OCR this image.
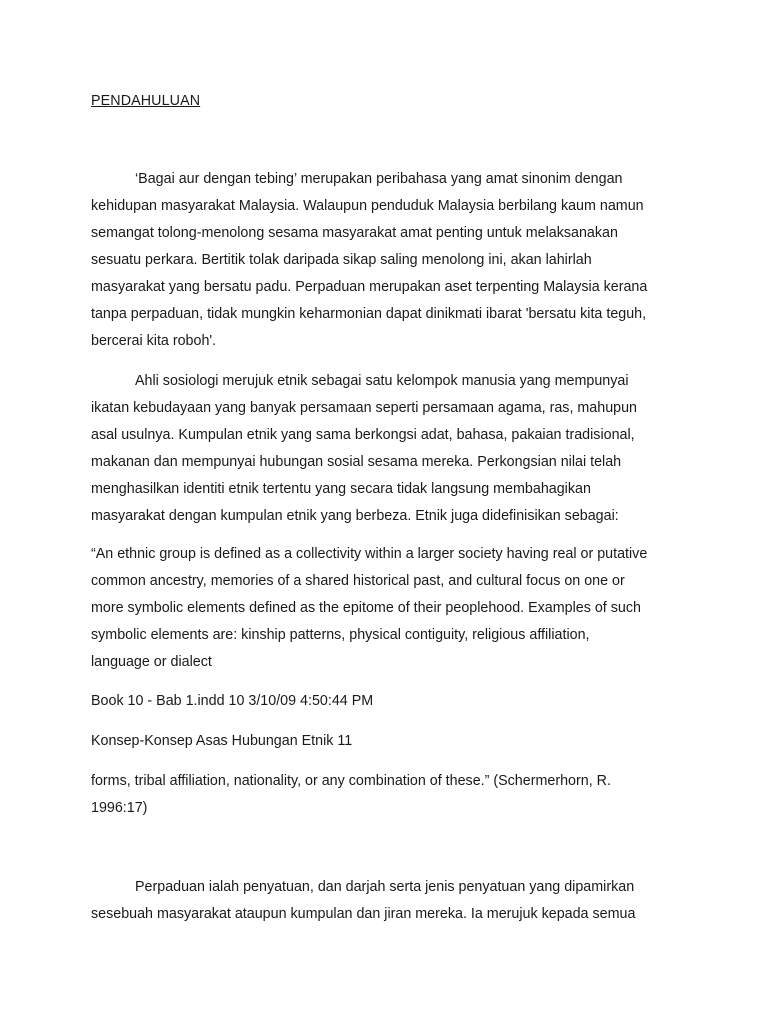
PENDAHULUAN
‘Bagai aur dengan tebing’ merupakan peribahasa yang amat sinonim dengan
kehidupan masyarakat Malaysia. Walaupun penduduk Malaysia berbilang kaum namun
semangat tolong-menolong sesama masyarakat amat penting untuk melaksanakan
sesuatu perkara. Bertitik tolak daripada sikap saling menolong ini, akan lahirlah
masyarakat yang bersatu padu. Perpaduan merupakan aset terpenting Malaysia kerana
tanpa perpaduan, tidak mungkin keharmonian dapat dinikmati ibarat 'bersatu kita teguh,
bercerai kita roboh'.
Ahli sosiologi merujuk etnik sebagai satu kelompok manusia yang mempunyai
ikatan kebudayaan yang banyak persamaan seperti persamaan agama, ras, mahupun
asal usulnya. Kumpulan etnik yang sama berkongsi adat, bahasa, pakaian tradisional,
makanan dan mempunyai hubungan sosial sesama mereka. Perkongsian nilai telah
menghasilkan identiti etnik tertentu yang secara tidak langsung membahagikan
masyarakat dengan kumpulan etnik yang berbeza. Etnik juga didefinisikan sebagai:
“An ethnic group is defined as a collectivity within a larger society having real or putative
common ancestry, memories of a shared historical past, and cultural focus on one or
more symbolic elements defined as the epitome of their peoplehood. Examples of such
symbolic elements are: kinship patterns, physical contiguity, religious affiliation,
language or dialect
Book 10 - Bab 1.indd 10 3/10/09 4:50:44 PM
Konsep-Konsep Asas Hubungan Etnik 11
forms, tribal affiliation, nationality, or any combination of these.” (Schermerhorn, R.
1996:17)
Perpaduan ialah penyatuan, dan darjah serta jenis penyatuan yang dipamirkan
sesebuah masyarakat ataupun kumpulan dan jiran mereka. Ia merujuk kepada semua
